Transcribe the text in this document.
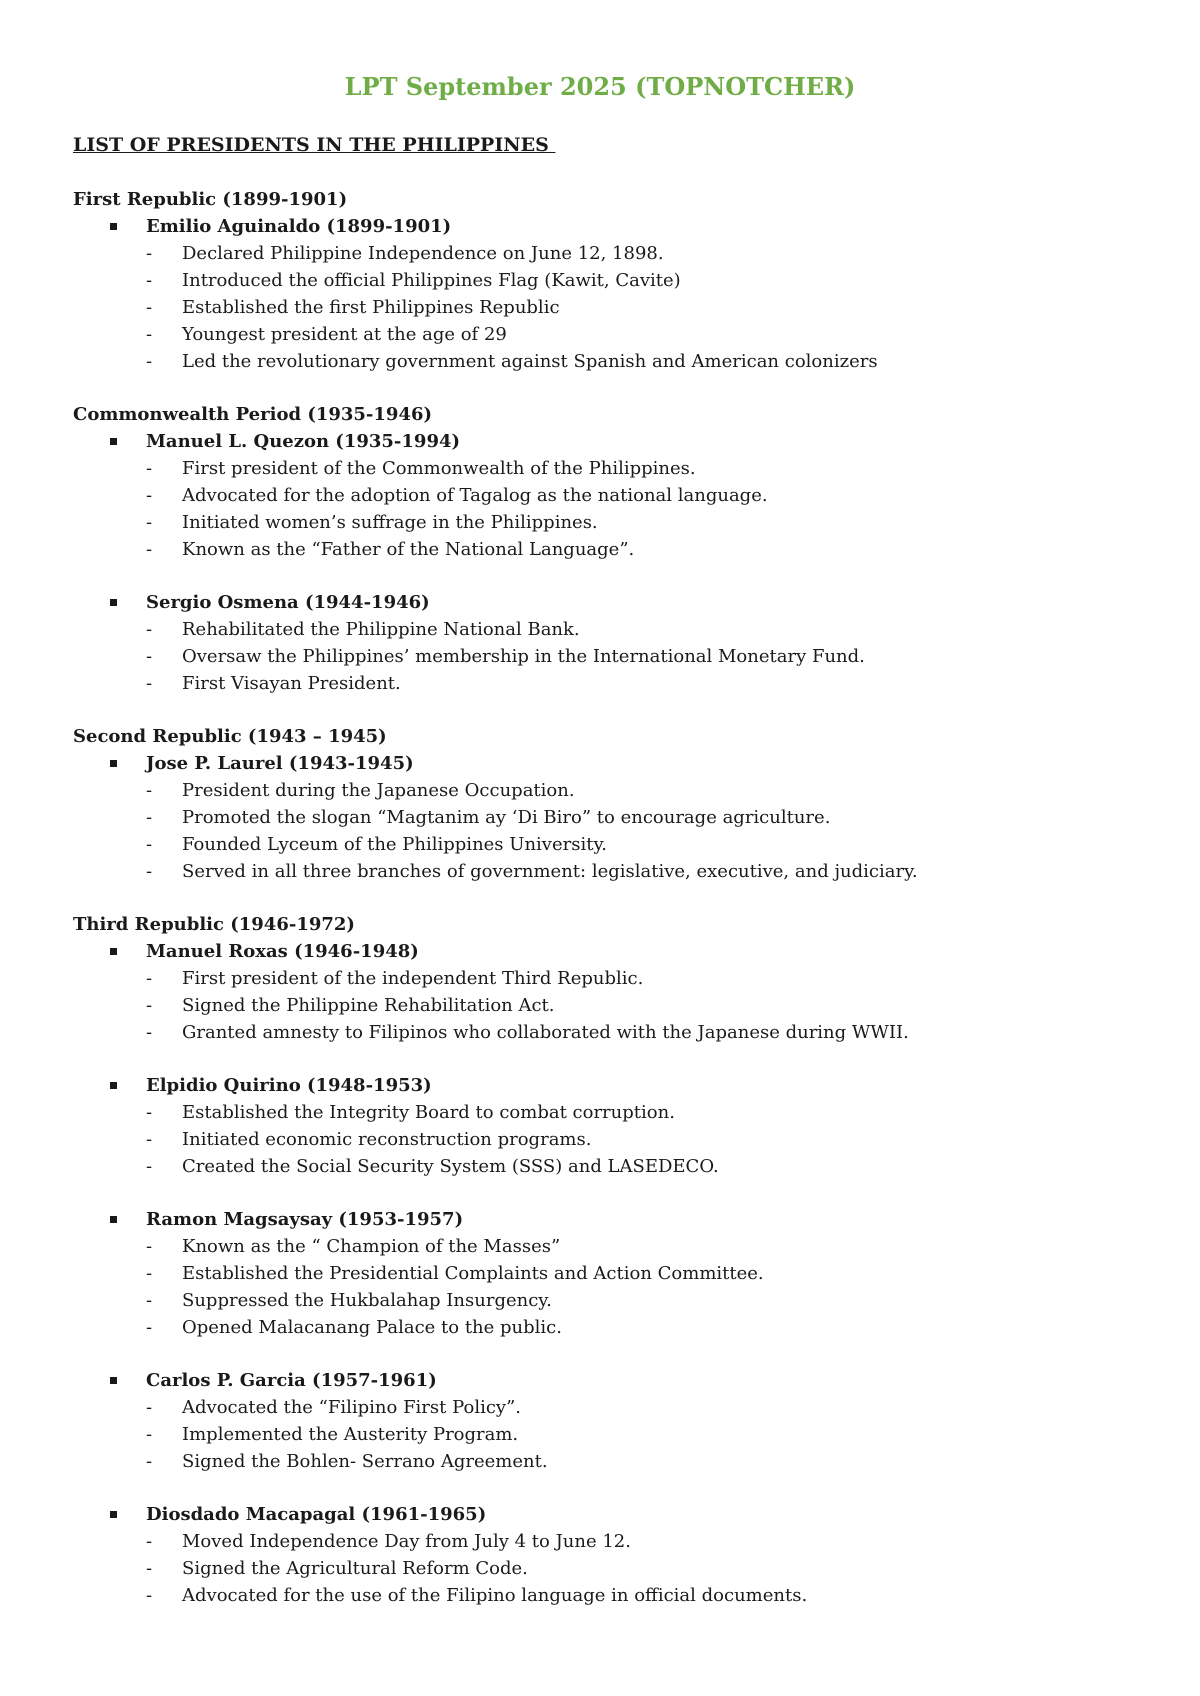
LPT September 2025 (TOPNOTCHER)
LIST OF PRESIDENTS IN THE PHILIPPINES
First Republic (1899-1901)
Emilio Aguinaldo (1899-1901)
- Declared Philippine Independence on June 12, 1898.
- Introduced the official Philippines Flag (Kawit, Cavite)
- Established the first Philippines Republic
- Youngest president at the age of 29
- Led the revolutionary government against Spanish and American colonizers
Commonwealth Period (1935-1946)
Manuel L. Quezon (1935-1994)
- First president of the Commonwealth of the Philippines.
- Advocated for the adoption of Tagalog as the national language.
- Initiated women’s suffrage in the Philippines.
- Known as the “Father of the National Language”.
Sergio Osmena (1944-1946)
- Rehabilitated the Philippine National Bank.
- Oversaw the Philippines’ membership in the International Monetary Fund.
- First Visayan President.
Second Republic (1943 – 1945)
Jose P. Laurel (1943-1945)
- President during the Japanese Occupation.
- Promoted the slogan “Magtanim ay ‘Di Biro” to encourage agriculture.
- Founded Lyceum of the Philippines University.
- Served in all three branches of government: legislative, executive, and judiciary.
Third Republic (1946-1972)
Manuel Roxas (1946-1948)
- First president of the independent Third Republic.
- Signed the Philippine Rehabilitation Act.
- Granted amnesty to Filipinos who collaborated with the Japanese during WWII.
Elpidio Quirino (1948-1953)
- Established the Integrity Board to combat corruption.
- Initiated economic reconstruction programs.
- Created the Social Security System (SSS) and LASEDECO.
Ramon Magsaysay (1953-1957)
- Known as the “ Champion of the Masses”
- Established the Presidential Complaints and Action Committee.
- Suppressed the Hukbalahap Insurgency.
- Opened Malacanang Palace to the public.
Carlos P. Garcia (1957-1961)
- Advocated the “Filipino First Policy”.
- Implemented the Austerity Program.
- Signed the Bohlen- Serrano Agreement.
Diosdado Macapagal (1961-1965)
- Moved Independence Day from July 4 to June 12.
- Signed the Agricultural Reform Code.
- Advocated for the use of the Filipino language in official documents.
